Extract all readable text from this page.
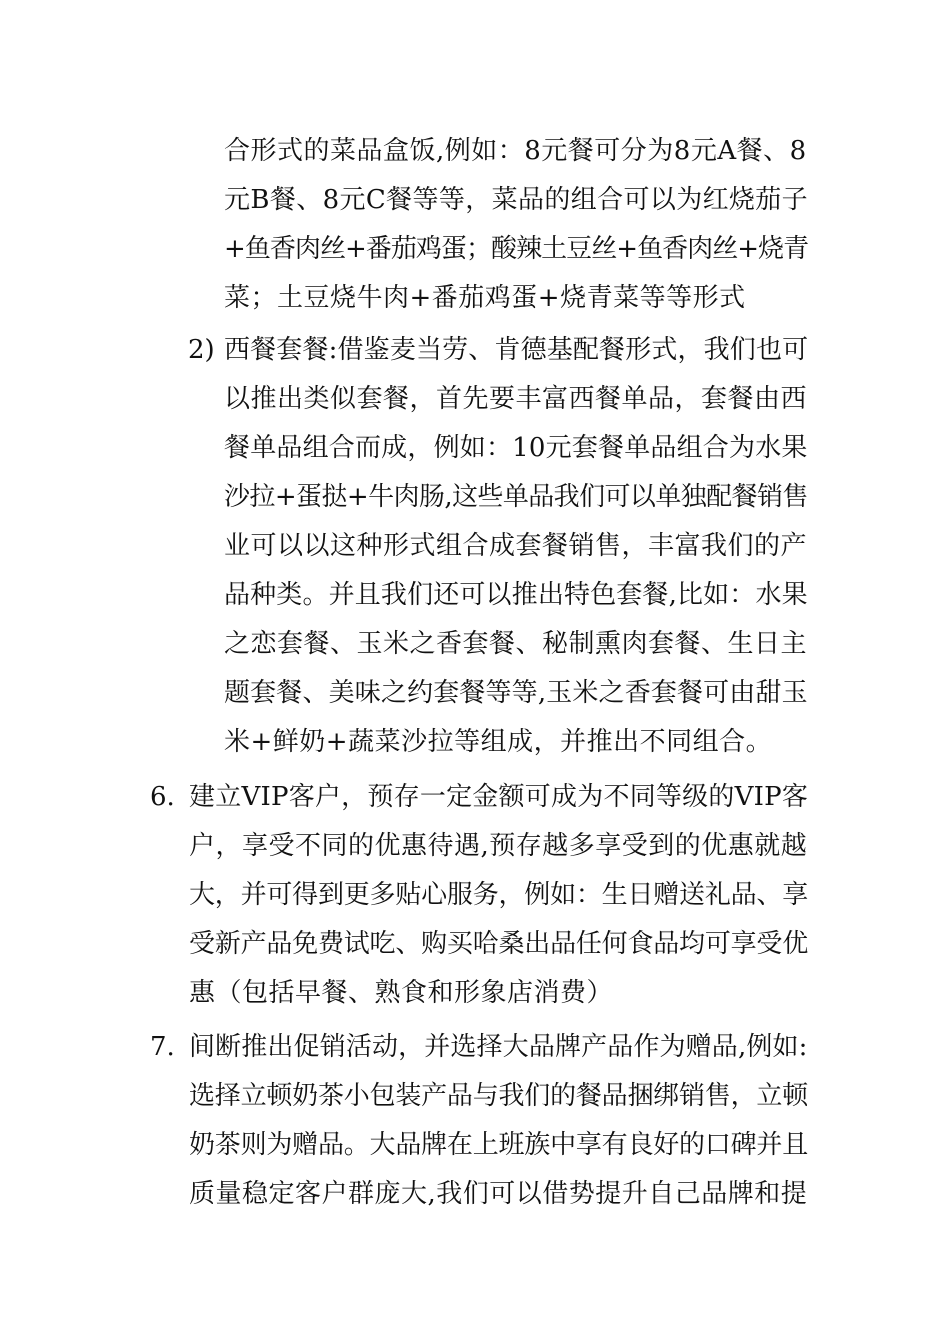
合形式的菜品盒饭,例如：8元餐可分为8元A餐、8
元B餐、8元C餐等等，菜品的组合可以为红烧茄子
+鱼香肉丝+番茄鸡蛋；酸辣土豆丝+鱼香肉丝+烧青
菜；土豆烧牛肉+番茄鸡蛋+烧青菜等等形式
2) 西餐套餐:借鉴麦当劳、肯德基配餐形式，我们也可
以推出类似套餐，首先要丰富西餐单品，套餐由西
餐单品组合而成，例如：10元套餐单品组合为水果
沙拉+蛋挞+牛肉肠,这些单品我们可以单独配餐销售
业可以以这种形式组合成套餐销售，丰富我们的产
品种类。并且我们还可以推出特色套餐,比如：水果
之恋套餐、玉米之香套餐、秘制熏肉套餐、生日主
题套餐、美味之约套餐等等,玉米之香套餐可由甜玉
米+鲜奶+蔬菜沙拉等组成，并推出不同组合。
6. 建立VIP客户，预存一定金额可成为不同等级的VIP客
户，享受不同的优惠待遇,预存越多享受到的优惠就越
大，并可得到更多贴心服务，例如：生日赠送礼品、享
受新产品免费试吃、购买哈桑出品任何食品均可享受优
惠（包括早餐、熟食和形象店消费）
7. 间断推出促销活动，并选择大品牌产品作为赠品,例如:
选择立顿奶茶小包装产品与我们的餐品捆绑销售，立顿
奶茶则为赠品。大品牌在上班族中享有良好的口碑并且
质量稳定客户群庞大,我们可以借势提升自己品牌和提
